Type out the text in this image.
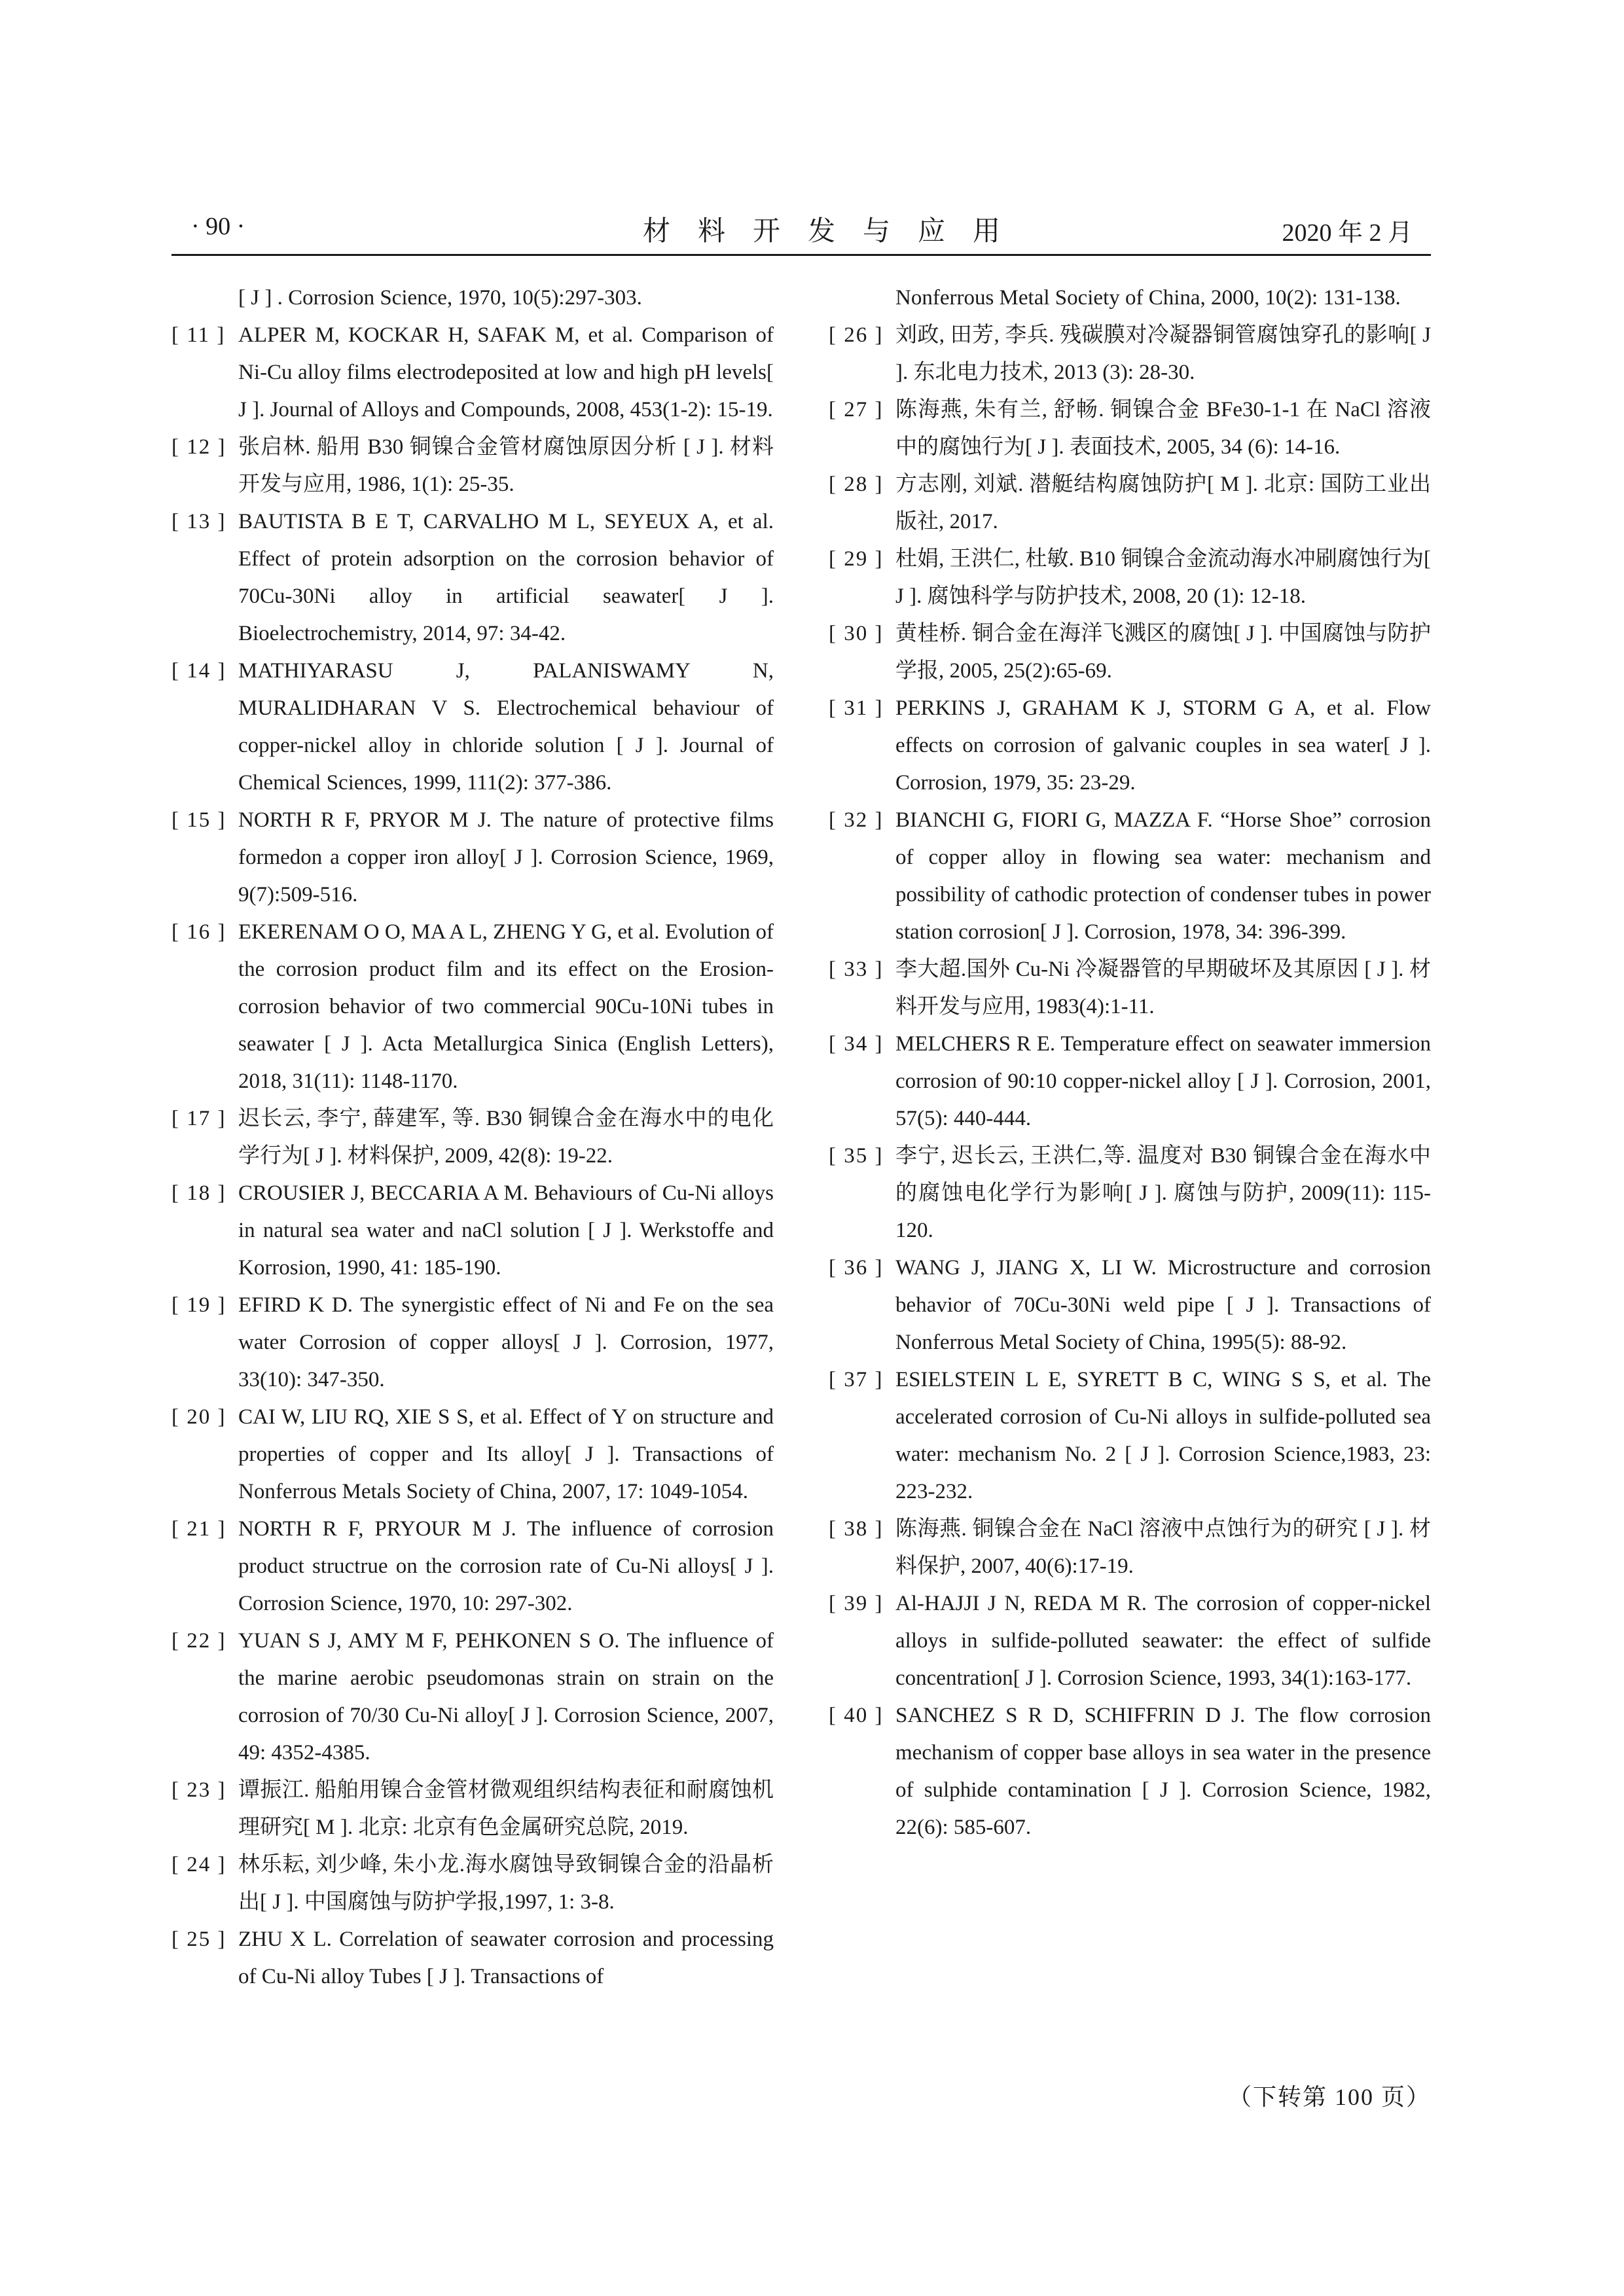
· 90 ·	材料开发与应用	2020 年 2 月
[ J ] . Corrosion Science, 1970, 10(5):297-303.
[ 11 ] ALPER M, KOCKAR H, SAFAK M, et al. Comparison of Ni-Cu alloy films electrodeposited at low and high pH levels[ J ]. Journal of Alloys and Compounds, 2008, 453(1-2): 15-19.
[ 12 ] 张启林. 船用 B30 铜镍合金管材腐蚀原因分析 [ J ]. 材料开发与应用, 1986, 1(1): 25-35.
[ 13 ] BAUTISTA B E T, CARVALHO M L, SEYEUX A, et al. Effect of protein adsorption on the corrosion behavior of 70Cu-30Ni alloy in artificial seawater[ J ]. Bioelectrochemistry, 2014, 97: 34-42.
[ 14 ] MATHIYARASU J, PALANISWAMY N, MURALIDHARAN V S. Electrochemical behaviour of copper-nickel alloy in chloride solution [ J ]. Journal of Chemical Sciences, 1999, 111(2): 377-386.
[ 15 ] NORTH R F, PRYOR M J. The nature of protective films formedon a copper iron alloy[ J ]. Corrosion Science, 1969, 9(7):509-516.
[ 16 ] EKERENAM O O, MA A L, ZHENG Y G, et al. Evolution of the corrosion product film and its effect on the Erosion-corrosion behavior of two commercial 90Cu-10Ni tubes in seawater [ J ]. Acta Metallurgica Sinica (English Letters), 2018, 31(11): 1148-1170.
[ 17 ] 迟长云, 李宁, 薛建军, 等. B30 铜镍合金在海水中的电化学行为[ J ]. 材料保护, 2009, 42(8): 19-22.
[ 18 ] CROUSIER J, BECCARIA A M. Behaviours of Cu-Ni alloys in natural sea water and naCl solution [ J ]. Werkstoffe and Korrosion, 1990, 41: 185-190.
[ 19 ] EFIRD K D. The synergistic effect of Ni and Fe on the sea water Corrosion of copper alloys[ J ]. Corrosion, 1977, 33(10): 347-350.
[ 20 ] CAI W, LIU RQ, XIE S S, et al. Effect of Y on structure and properties of copper and Its alloy[ J ]. Transactions of Nonferrous Metals Society of China, 2007, 17: 1049-1054.
[ 21 ] NORTH R F, PRYOUR M J. The influence of corrosion product structrue on the corrosion rate of Cu-Ni alloys[ J ]. Corrosion Science, 1970, 10: 297-302.
[ 22 ] YUAN S J, AMY M F, PEHKONEN S O. The influence of the marine aerobic pseudomonas strain on strain on the corrosion of 70/30 Cu-Ni alloy[ J ]. Corrosion Science, 2007, 49: 4352-4385.
[ 23 ] 谭振江. 船舶用镍合金管材微观组织结构表征和耐腐蚀机理研究[ M ]. 北京: 北京有色金属研究总院, 2019.
[ 24 ] 林乐耘, 刘少峰, 朱小龙.海水腐蚀导致铜镍合金的沿晶析出[ J ]. 中国腐蚀与防护学报,1997, 1: 3-8.
[ 25 ] ZHU X L. Correlation of seawater corrosion and processing of Cu-Ni alloy Tubes [ J ]. Transactions of
Nonferrous Metal Society of China, 2000, 10(2): 131-138.
[ 26 ] 刘政, 田芳, 李兵. 残碳膜对冷凝器铜管腐蚀穿孔的影响[ J ]. 东北电力技术, 2013 (3): 28-30.
[ 27 ] 陈海燕, 朱有兰, 舒畅. 铜镍合金 BFe30-1-1 在 NaCl 溶液中的腐蚀行为[ J ]. 表面技术, 2005, 34 (6): 14-16.
[ 28 ] 方志刚, 刘斌. 潜艇结构腐蚀防护[ M ]. 北京: 国防工业出版社, 2017.
[ 29 ] 杜娟, 王洪仁, 杜敏. B10 铜镍合金流动海水冲刷腐蚀行为[ J ]. 腐蚀科学与防护技术, 2008, 20 (1): 12-18.
[ 30 ] 黄桂桥. 铜合金在海洋飞溅区的腐蚀[ J ]. 中国腐蚀与防护学报, 2005, 25(2):65-69.
[ 31 ] PERKINS J, GRAHAM K J, STORM G A, et al. Flow effects on corrosion of galvanic couples in sea water[ J ]. Corrosion, 1979, 35: 23-29.
[ 32 ] BIANCHI G, FIORI G, MAZZA F. “Horse Shoe” corrosion of copper alloy in flowing sea water: mechanism and possibility of cathodic protection of condenser tubes in power station corrosion[ J ]. Corrosion, 1978, 34: 396-399.
[ 33 ] 李大超.国外 Cu-Ni 冷凝器管的早期破坏及其原因 [ J ]. 材料开发与应用, 1983(4):1-11.
[ 34 ] MELCHERS R E. Temperature effect on seawater immersion corrosion of 90:10 copper-nickel alloy [ J ]. Corrosion, 2001, 57(5): 440-444.
[ 35 ] 李宁, 迟长云, 王洪仁,等. 温度对 B30 铜镍合金在海水中的腐蚀电化学行为影响[ J ]. 腐蚀与防护, 2009(11): 115-120.
[ 36 ] WANG J, JIANG X, LI W. Microstructure and corrosion behavior of 70Cu-30Ni weld pipe [ J ]. Transactions of Nonferrous Metal Society of China, 1995(5): 88-92.
[ 37 ] ESIELSTEIN L E, SYRETT B C, WING S S, et al. The accelerated corrosion of Cu-Ni alloys in sulfide-polluted sea water: mechanism No. 2 [ J ]. Corrosion Science,1983, 23: 223-232.
[ 38 ] 陈海燕. 铜镍合金在 NaCl 溶液中点蚀行为的研究 [ J ]. 材料保护, 2007, 40(6):17-19.
[ 39 ] Al-HAJJI J N, REDA M R. The corrosion of copper-nickel alloys in sulfide-polluted seawater: the effect of sulfide concentration[ J ]. Corrosion Science, 1993, 34(1):163-177.
[ 40 ] SANCHEZ S R D, SCHIFFRIN D J. The flow corrosion mechanism of copper base alloys in sea water in the presence of sulphide contamination [ J ]. Corrosion Science, 1982, 22(6): 585-607.
（下转第 100 页）
